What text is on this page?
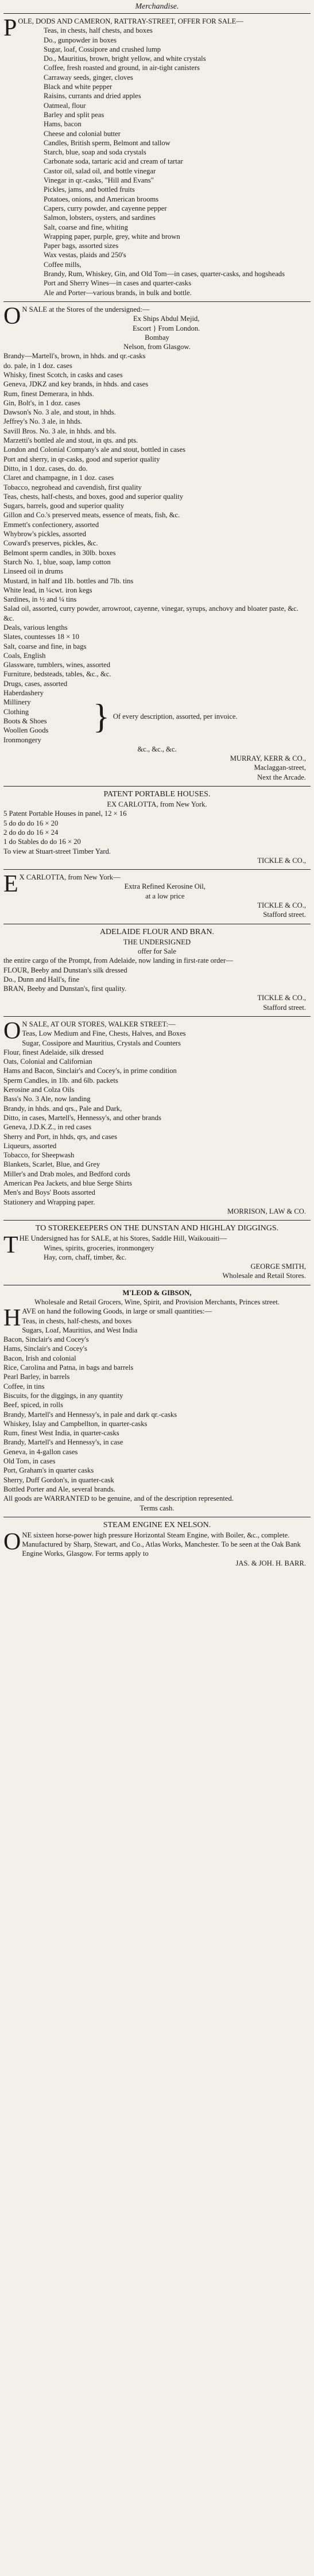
Merchandise.

POLE, DODS AND CAMERON, RATTRAY-STREET, OFFER FOR SALE—

Teas, in chests, half chests, and boxes

Do., gunpowder in boxes

Sugar, loaf, Cossipore and crushed lump

Do., Mauritius, brown, bright yellow, and white crystals

Coffee, fresh roasted and ground, in air-tight canisters

Carraway seeds, ginger, cloves

Black and white pepper

Raisins, currants and dried apples

Oatmeal, flour

Barley and split peas

Hams, bacon

Cheese and colonial butter

Candles, British sperm, Belmont and tallow

Starch, blue, soap and soda crystals

Carbonate soda, tartaric acid and cream of tartar

Castor oil, salad oil, and bottle vinegar

Vinegar in qr.-casks, "Hill and Evans"

Pickles, jams, and bottled fruits

Potatoes, onions, and American brooms

Capers, curry powder, and cayenne pepper

Salmon, lobsters, oysters, and sardines

Salt, coarse and fine, whiting

Wrapping paper, purple, grey, white and brown

Paper bags, assorted sizes

Wax vestas, plaids and 250's

Coffee mills,

Brandy, Rum, Whiskey, Gin, and Old Tom—in cases, quarter-casks, and hogsheads

Port and Sherry Wines—in cases and quarter-casks

Ale and Porter—various brands, in bulk and bottle.

ON SALE at the Stores of the undersigned:—

Ex Ships Abdul Mejid,

Escort } From London.

Bombay

Nelson, from Glasgow.

Brandy—Martell's, brown, in hhds. and qr.-casks

do. pale, in 1 doz. cases

Whisky, finest Scotch, in casks and cases

Geneva, JDKZ and key brands, in hhds. and cases

Rum, finest Demerara, in hhds.

Gin, Bolt's, in 1 doz. cases

Dawson's No. 3 ale, and stout, in hhds.

Jeffrey's No. 3 ale, in hhds.

Savill Bros. No. 3 ale, in hhds. and bls.

Marzetti's bottled ale and stout, in qts. and pts.

London and Colonial Company's ale and stout, bottled in cases

Port and sherry, in qr-casks, good and superior quality

Ditto, in 1 doz. cases, do. do.

Claret and champagne, in 1 doz. cases

Tobacco, negrohead and cavendish, first quality

Teas, chests, half-chests, and boxes, good and superior quality

Sugars, barrels, good and superior quality

Gillon and Co.'s preserved meats, essence of meats, fish, &c.

Emmett's confectionery, assorted

Whybrow's pickles, assorted

Coward's preserves, pickles, &c.

Belmont sperm candles, in 30lb. boxes

Starch No. 1, blue, soap, lamp cotton

Linseed oil in drums

Mustard, in half and 1lb. bottles and 7lb. tins

White lead, in ¼cwt. iron kegs

Sardines, in ½ and ¼ tins

Salad oil, assorted, curry powder, arrowroot, cayenne, vinegar, syrups, anchovy and bloater paste, &c. &c.

Deals, various lengths

Slates, countesses 18 × 10

Salt, coarse and fine, in bags

Coals, English

Glassware, tumblers, wines, assorted

Furniture, bedsteads, tables, &c., &c.

Drugs, cases, assorted

Haberdashery

Millinery

Clothing

Boots & Shoes

Woollen Goods

Ironmongery

} Of every description, assorted, per invoice.

&c., &c., &c.

MURRAY, KERR & CO.,

Maclaggan-street,

Next the Arcade.

PATENT PORTABLE HOUSES.

EX CARLOTTA, from New York.

5 Patent Portable Houses in panel, 12 × 16

5 do do do 16 × 20

2 do do do 16 × 24

1 do Stables do do 16 × 20

To view at Stuart-street Timber Yard.

TICKLE & CO.,

EX CARLOTTA, from New York—

Extra Refined Kerosine Oil,

at a low price

TICKLE & CO.,

Stafford street.

ADELAIDE FLOUR AND BRAN.

THE UNDERSIGNED

offer for Sale

the entire cargo of the Prompt, from Adelaide, now landing in first-rate order—

FLOUR, Beeby and Dunstan's silk dressed

Do., Dunn and Hall's, fine

BRAN, Beeby and Dunstan's, first quality.

TICKLE & CO.,

Stafford street.

ON SALE, AT OUR STORES, WALKER STREET:—

Teas, Low Medium and Fine, Chests, Halves, and Boxes

Sugar, Cossipore and Mauritius, Crystals and Counters

Flour, finest Adelaide, silk dressed

Oats, Colonial and Californian

Hams and Bacon, Sinclair's and Cocey's, in prime condition

Sperm Candles, in 1lb. and 6lb. packets

Kerosine and Colza Oils

Bass's No. 3 Ale, now landing

Brandy, in hhds. and qrs., Pale and Dark,

Ditto, in cases, Martell's, Hennessy's, and other brands

Geneva, J.D.K.Z., in red cases

Sherry and Port, in hhds, qrs, and cases

Liqueurs, assorted

Tobacco, for Sheepwash

Blankets, Scarlet, Blue, and Grey

Miller's and Drab moles, and Bedford cords

American Pea Jackets, and blue Serge Shirts

Men's and Boys' Boots assorted

Stationery and Wrapping paper.

MORRISON, LAW & CO.

TO STOREKEEPERS ON THE DUNSTAN AND HIGHLAY DIGGINGS.

THE Undersigned has for SALE, at his Stores, Saddle Hill, Waikouaiti—

Wines, spirits, groceries, ironmongery

Hay, corn, chaff, timber, &c.

GEORGE SMITH,

Wholesale and Retail Stores.

M'LEOD & GIBSON,

Wholesale and Retail Grocers, Wine, Spirit, and Provision Merchants, Princes street.

HAVE on hand the following Goods, in large or small quantities:—

Teas, in chests, half-chests, and boxes

Sugars, Loaf, Mauritius, and West India

Bacon, Sinclair's and Cocey's

Hams, Sinclair's and Cocey's

Bacon, Irish and colonial

Rice, Carolina and Patna, in bags and barrels

Pearl Barley, in barrels

Coffee, in tins

Biscuits, for the diggings, in any quantity

Beef, spiced, in rolls

Brandy, Martell's and Hennessy's, in pale and dark qr.-casks

Whiskey, Islay and Campbellton, in quarter-casks

Rum, finest West India, in quarter-casks

Brandy, Martell's and Hennessy's, in case

Geneva, in 4-gallon cases

Old Tom, in cases

Port, Graham's in quarter casks

Sherry, Duff Gordon's, in quarter-cask

Bottled Porter and Ale, several brands.

All goods are WARRANTED to be genuine, and of the description represented.

Terms cash.

STEAM ENGINE EX NELSON.

ONE sixteen horse-power high pressure Horizontal Steam Engine, with Boiler, &c., complete. Manufactured by Sharp, Stewart, and Co., Atlas Works, Manchester. To be seen at the Oak Bank Engine Works, Glasgow. For terms apply to

JAS. & JOH. H. BARR.
